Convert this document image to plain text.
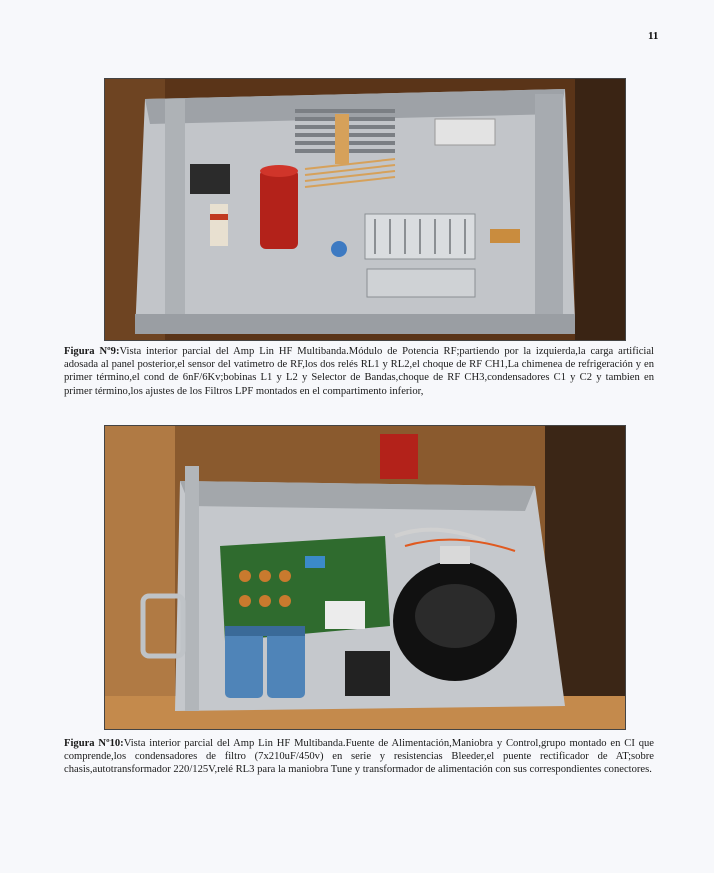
11
Figura Nº9:Vista interior parcial del Amp Lin HF Multibanda.Módulo de Potencia RF;partiendo por la izquierda,la carga artificial adosada al panel posterior,el sensor del vatimetro de RF,los dos relés RL1 y RL2,el choque de RF CH1,La chimenea de refrigeración y en primer término,el cond de 6nF/6Kv;bobinas L1 y L2 y Selector de Bandas,choque de RF CH3,condensadores C1 y C2 y tambien en primer término,los ajustes de los Filtros LPF montados en el compartimento inferior,
Figura Nº10:Vista interior parcial del Amp Lin HF Multibanda.Fuente de Alimentación,Maniobra y Control,grupo montado en CI que comprende,los condensadores de filtro (7x210uF/450v) en serie y resistencias Bleeder,el puente rectificador de AT;sobre chasis,autotransformador 220/125V,relé RL3 para la maniobra Tune y transformador de alimentación con sus correspondientes conectores.
